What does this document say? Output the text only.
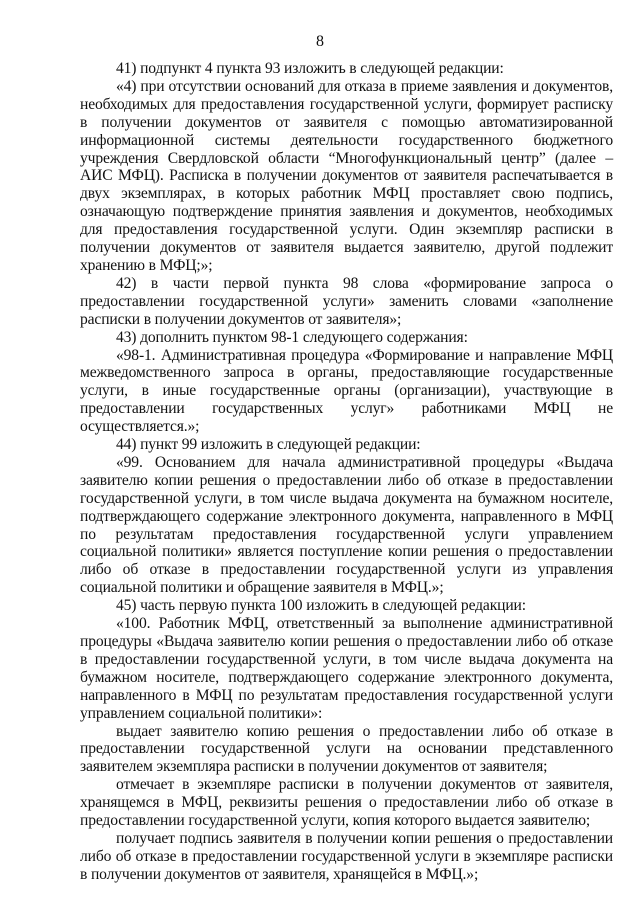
8

41) подпункт 4 пункта 93 изложить в следующей редакции:

«4) при отсутствии оснований для отказа в приеме заявления и документов, необходимых для предоставления государственной услуги, формирует расписку в получении документов от заявителя с помощью автоматизированной информационной системы деятельности государственного бюджетного учреждения Свердловской области “Многофункциональный центр” (далее – АИС МФЦ). Расписка в получении документов от заявителя распечатывается в двух экземплярах, в которых работник МФЦ проставляет свою подпись, означающую подтверждение принятия заявления и документов, необходимых для предоставления государственной услуги. Один экземпляр расписки в получении документов от заявителя выдается заявителю, другой подлежит хранению в МФЦ;»;

42) в части первой пункта 98 слова «формирование запроса о предоставлении государственной услуги» заменить словами «заполнение расписки в получении документов от заявителя»;

43) дополнить пунктом 98-1 следующего содержания:

«98-1. Административная процедура «Формирование и направление МФЦ межведомственного запроса в органы, предоставляющие государственные услуги, в иные государственные органы (организации), участвующие в предоставлении государственных услуг» работниками МФЦ не осуществляется.»;

44) пункт 99 изложить в следующей редакции:

«99. Основанием для начала административной процедуры «Выдача заявителю копии решения о предоставлении либо об отказе в предоставлении государственной услуги, в том числе выдача документа на бумажном носителе, подтверждающего содержание электронного документа, направленного в МФЦ по результатам предоставления государственной услуги управлением социальной политики» является поступление копии решения о предоставлении либо об отказе в предоставлении государственной услуги из управления социальной политики и обращение заявителя в МФЦ.»;

45) часть первую пункта 100 изложить в следующей редакции:

«100. Работник МФЦ, ответственный за выполнение административной процедуры «Выдача заявителю копии решения о предоставлении либо об отказе в предоставлении государственной услуги, в том числе выдача документа на бумажном носителе, подтверждающего содержание электронного документа, направленного в МФЦ по результатам предоставления государственной услуги управлением социальной политики»:

выдает заявителю копию решения о предоставлении либо об отказе в предоставлении государственной услуги на основании представленного заявителем экземпляра расписки в получении документов от заявителя;

отмечает в экземпляре расписки в получении документов от заявителя, хранящемся в МФЦ, реквизиты решения о предоставлении либо об отказе в предоставлении государственной услуги, копия которого выдается заявителю;

получает подпись заявителя в получении копии решения о предоставлении либо об отказе в предоставлении государственной услуги в экземпляре расписки в получении документов от заявителя, хранящейся в МФЦ.»;
